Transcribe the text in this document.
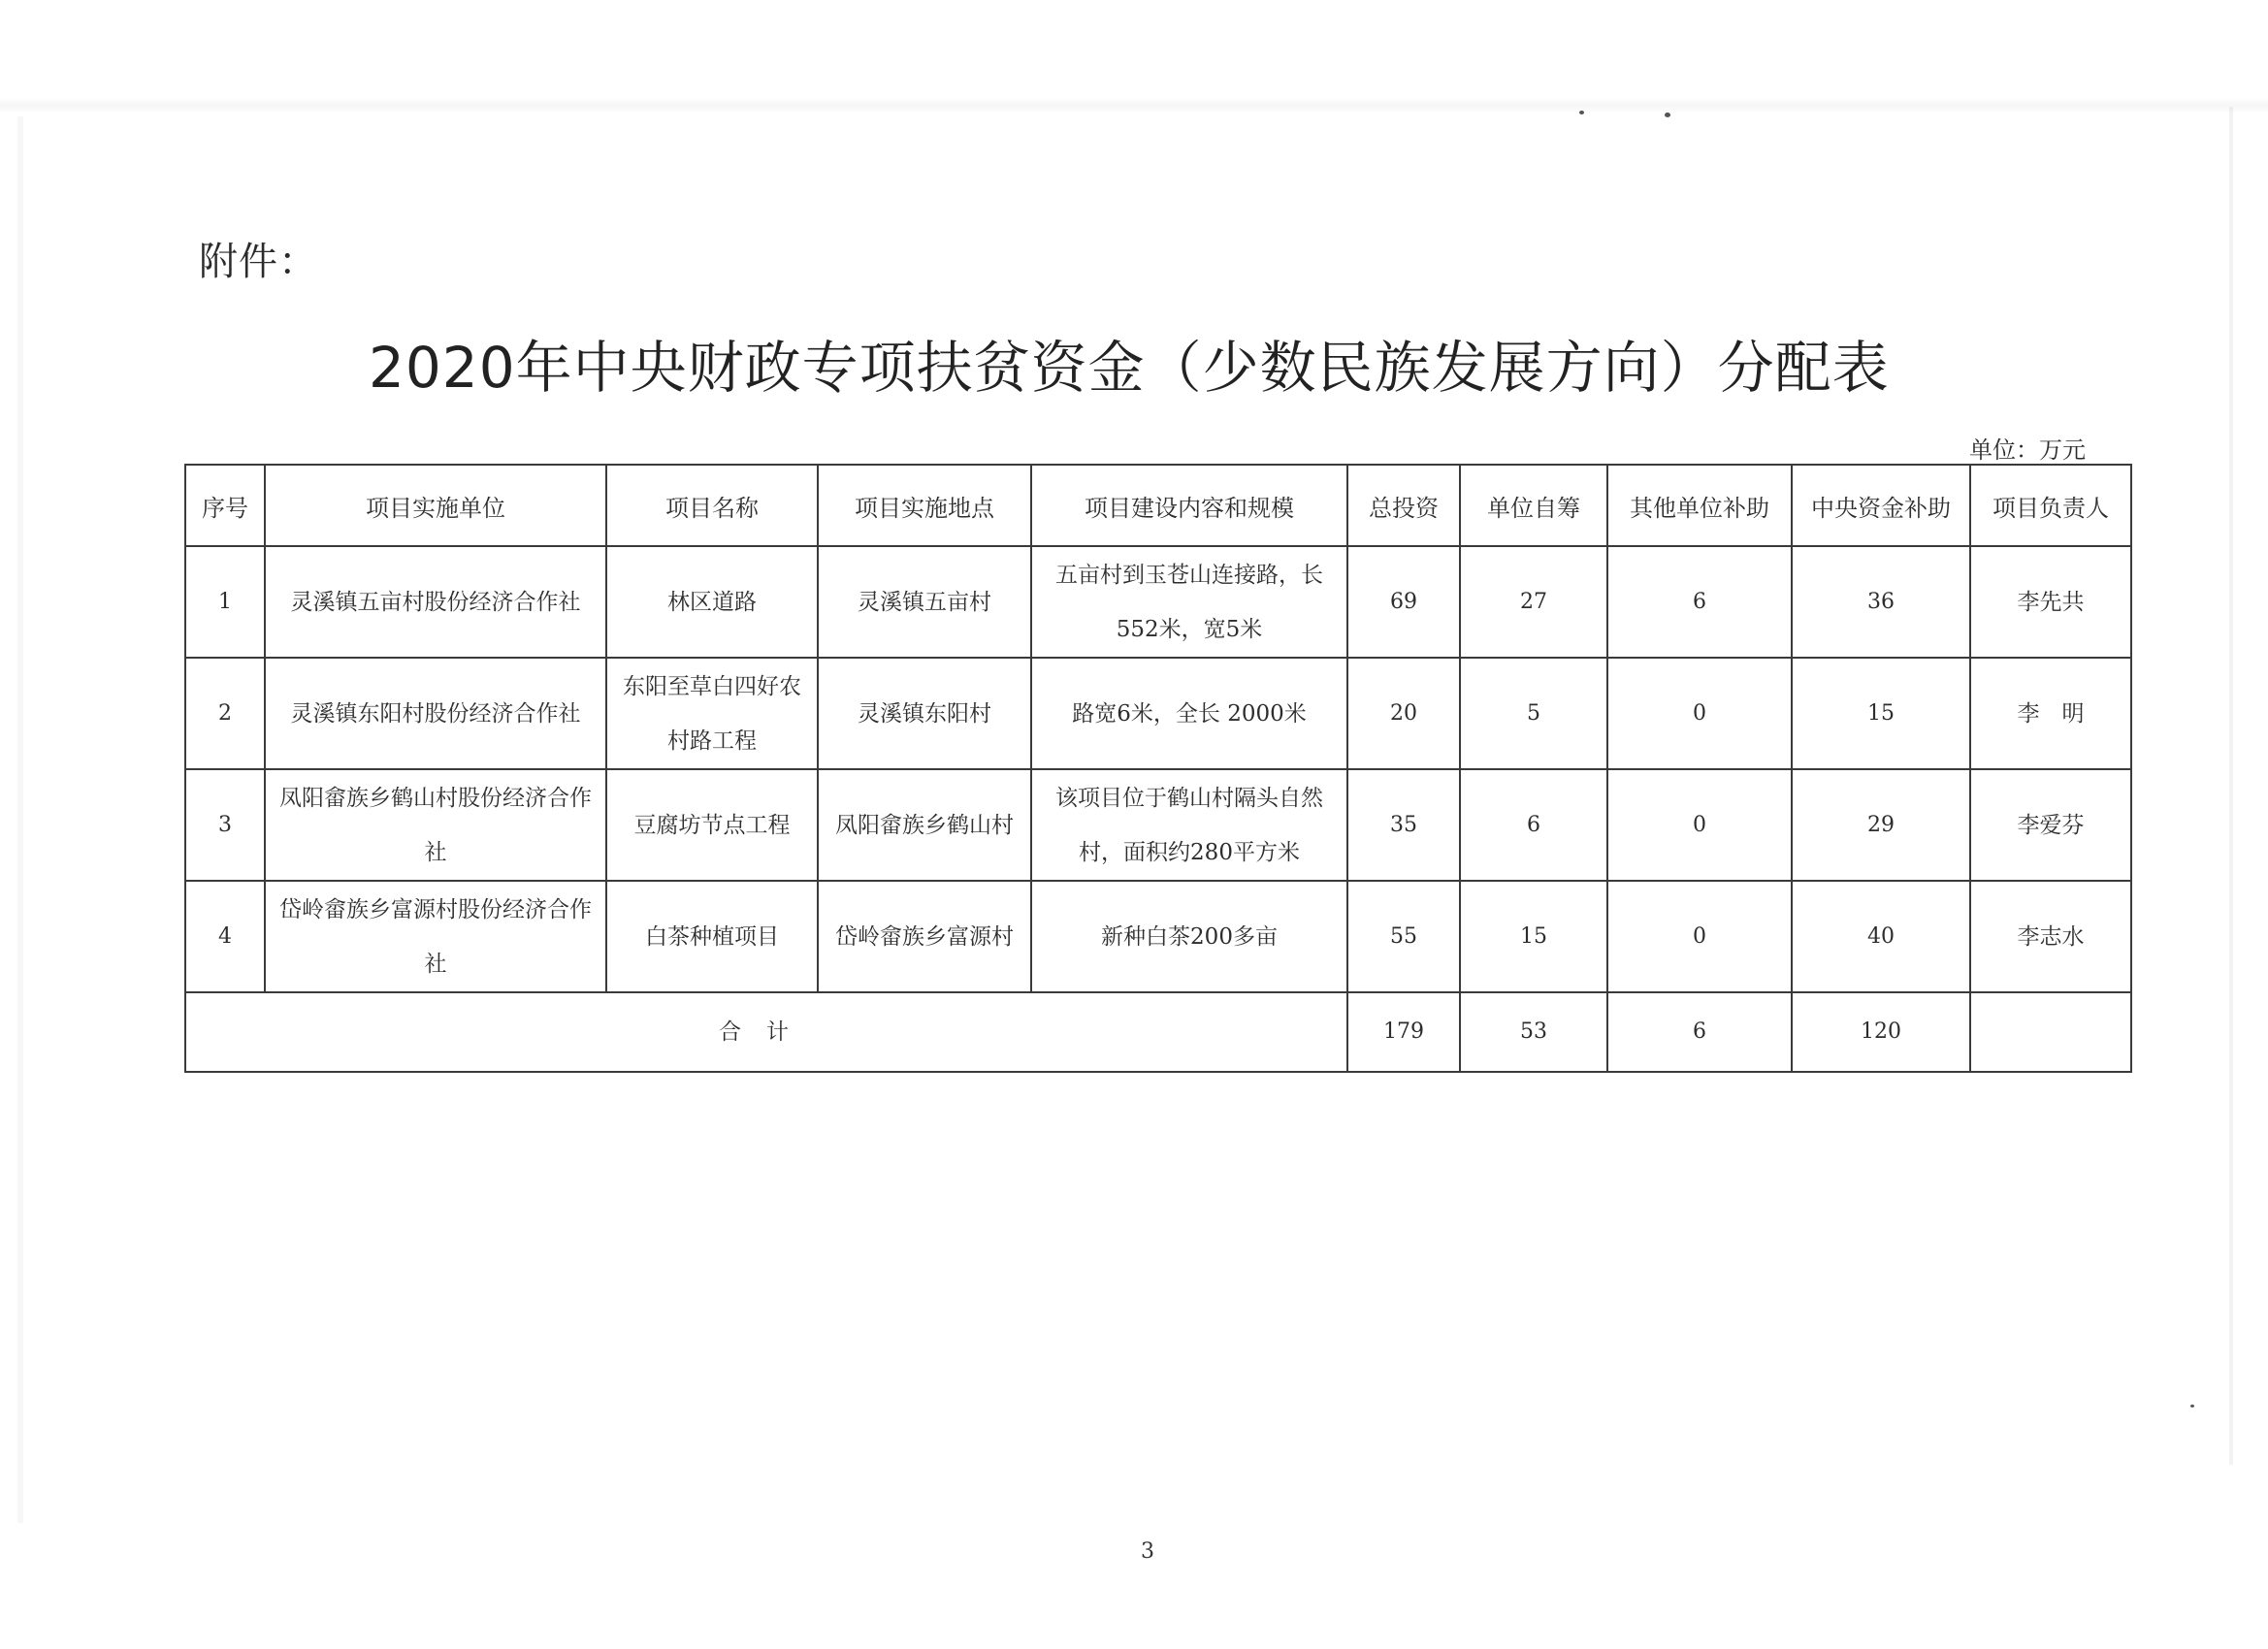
附件：
2020年中央财政专项扶贫资金（少数民族发展方向）分配表
单位：万元
序号	项目实施单位	项目名称	项目实施地点	项目建设内容和规模	总投资	单位自筹	其他单位补助	中央资金补助	项目负责人
1	灵溪镇五亩村股份经济合作社	林区道路	灵溪镇五亩村	五亩村到玉苍山连接路，长552米，宽5米	69	27	6	36	李先共
2	灵溪镇东阳村股份经济合作社	东阳至草白四好农村路工程	灵溪镇东阳村	路宽6米，全长 2000米	20	5	0	15	李　明
3	凤阳畲族乡鹤山村股份经济合作社	豆腐坊节点工程	凤阳畲族乡鹤山村	该项目位于鹤山村隔头自然村，面积约280平方米	35	6	0	29	李爱芬
4	岱岭畲族乡富源村股份经济合作社	白茶种植项目	岱岭畲族乡富源村	新种白茶200多亩	55	15	0	40	李志水
合计					179	53	6	120	
3
